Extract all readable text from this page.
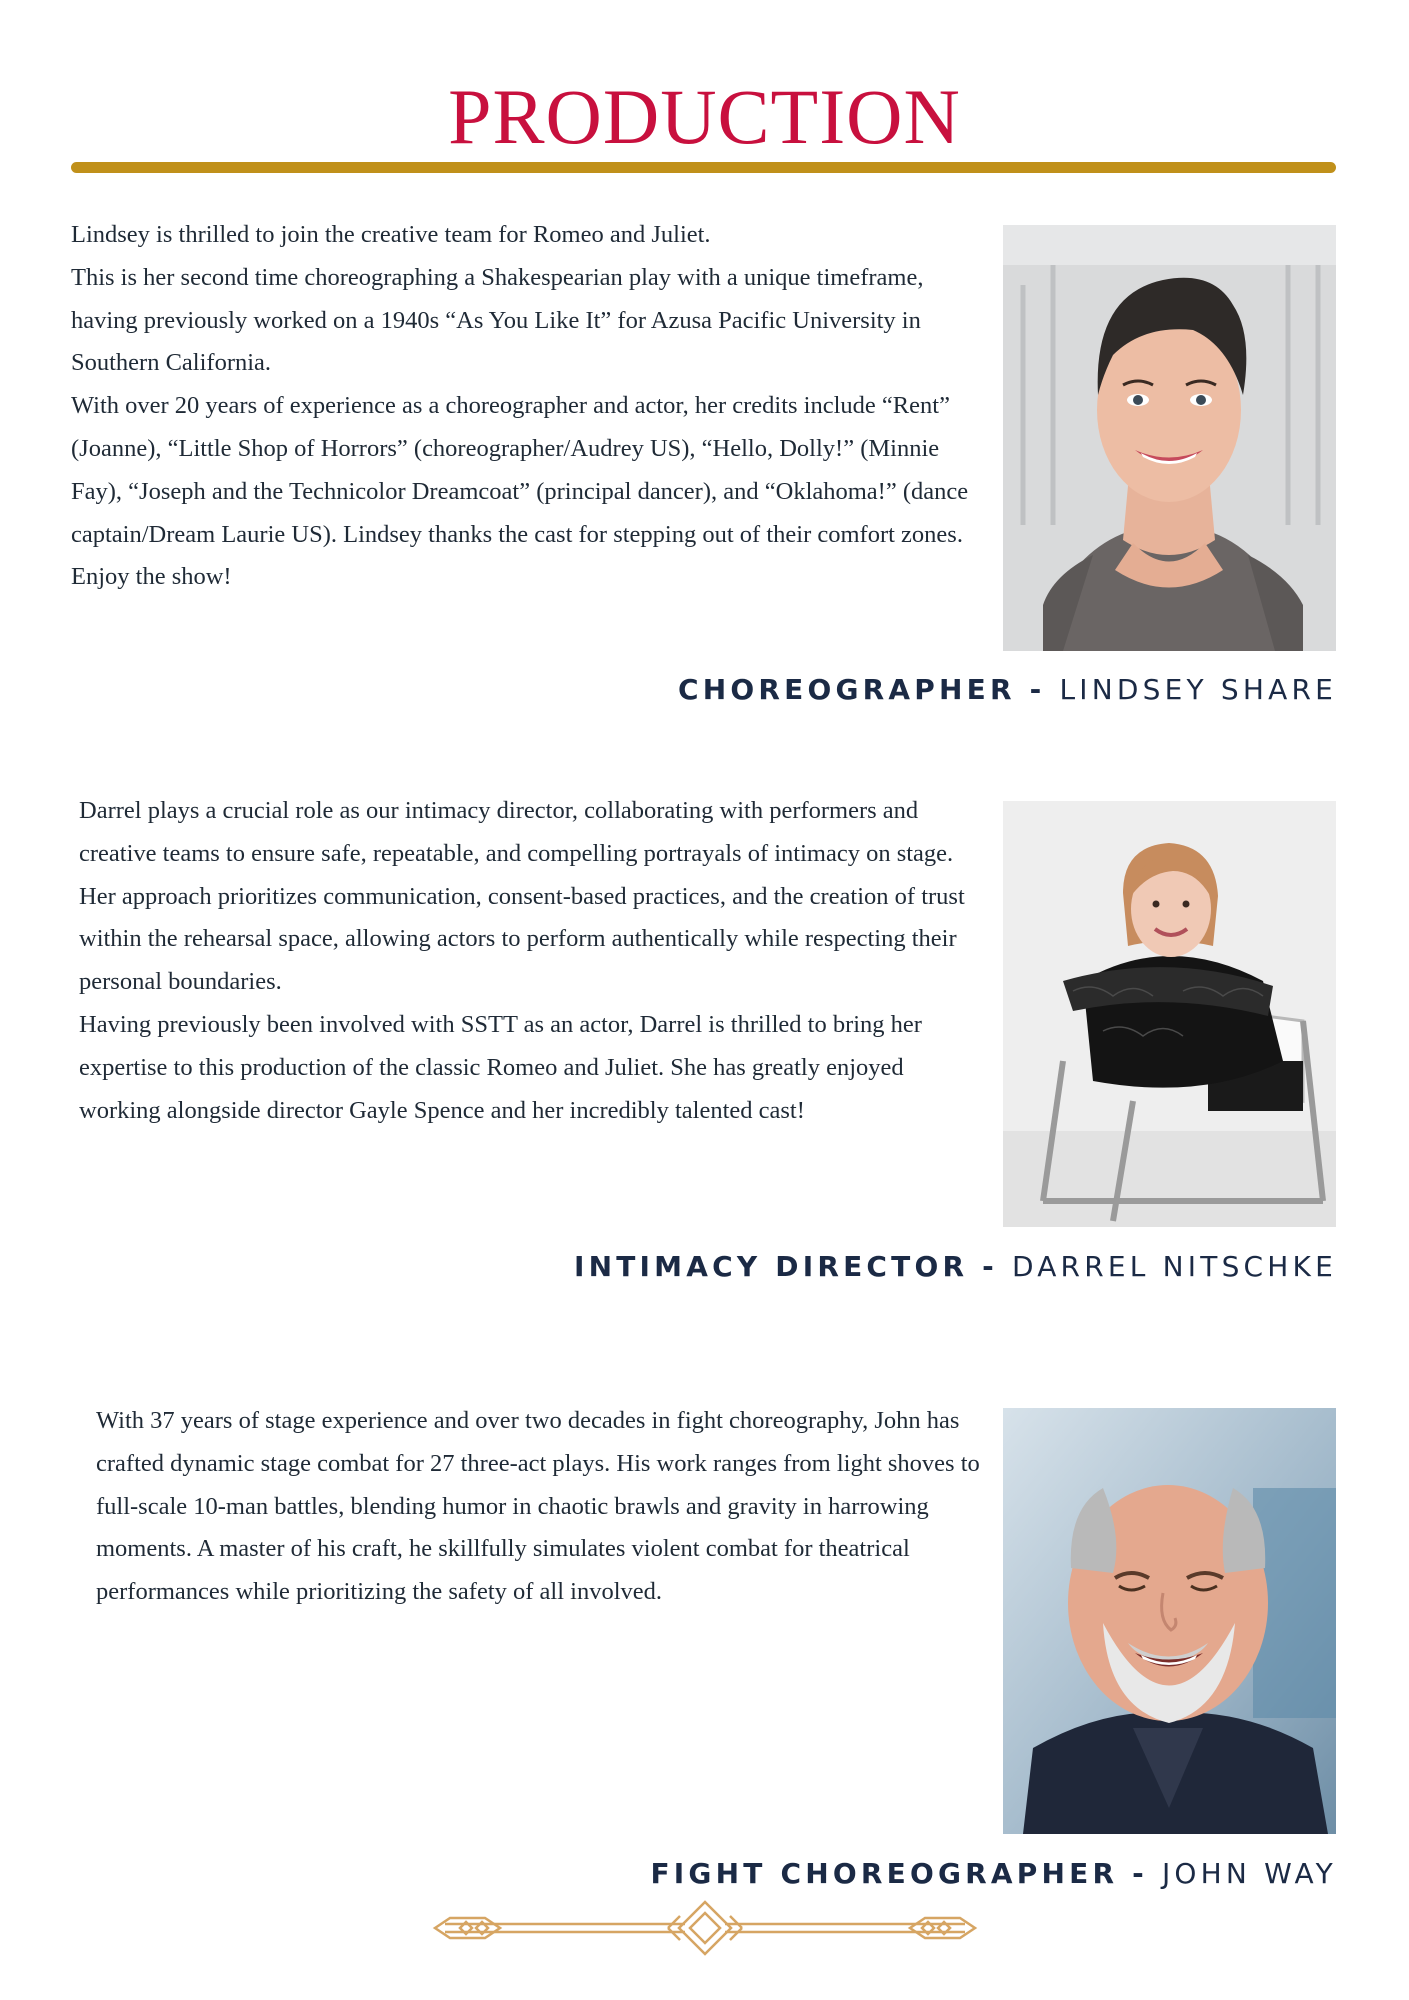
PRODUCTION

Lindsey is thrilled to join the creative team for Romeo and Juliet.

This is her second time choreographing a Shakespearian play with a unique timeframe, having previously worked on a 1940s “As You Like It” for Azusa Pacific University in Southern California.

With over 20 years of experience as a choreographer and actor, her credits include “Rent” (Joanne), “Little Shop of Horrors” (choreographer/Audrey US), “Hello, Dolly!” (Minnie Fay), “Joseph and the Technicolor Dreamcoat” (principal dancer), and “Oklahoma!” (dance captain/Dream Laurie US). Lindsey thanks the cast for stepping out of their comfort zones. Enjoy the show!

CHOREOGRAPHER - LINDSEY SHARE

Darrel plays a crucial role as our intimacy director, collaborating with performers and creative teams to ensure safe, repeatable, and compelling portrayals of intimacy on stage. Her approach prioritizes communication, consent-based practices, and the creation of trust within the rehearsal space, allowing actors to perform authentically while respecting their personal boundaries.

Having previously been involved with SSTT as an actor, Darrel is thrilled to bring her expertise to this production of the classic Romeo and Juliet. She has greatly enjoyed working alongside director Gayle Spence and her incredibly talented cast!

INTIMACY DIRECTOR - DARREL NITSCHKE

With 37 years of stage experience and over two decades in fight choreography, John has crafted dynamic stage combat for 27 three-act plays. His work ranges from light shoves to full-scale 10-man battles, blending humor in chaotic brawls and gravity in harrowing moments. A master of his craft, he skillfully simulates violent combat for theatrical performances while prioritizing the safety of all involved.

FIGHT CHOREOGRAPHER - JOHN WAY
